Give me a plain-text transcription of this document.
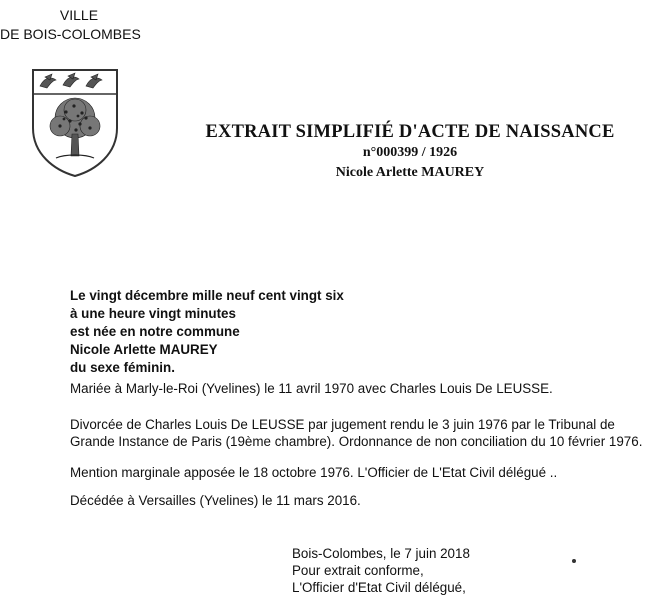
VILLE
DE BOIS-COLOMBES
EXTRAIT SIMPLIFIÉ D'ACTE DE NAISSANCE
n°000399 / 1926
Nicole Arlette MAUREY
Le vingt décembre mille neuf cent vingt six
à une heure vingt minutes
est née en notre commune
Nicole Arlette MAUREY
du sexe féminin.
Mariée à Marly-le-Roi (Yvelines) le 11 avril 1970 avec Charles Louis De LEUSSE.
Divorcée de Charles Louis De LEUSSE par jugement rendu le 3 juin 1976 par le Tribunal de Grande Instance de Paris (19ème chambre). Ordonnance de non conciliation du 10 février 1976.
Mention marginale apposée le 18 octobre 1976. L'Officier de L'Etat Civil délégué ..
Décédée à Versailles (Yvelines) le 11 mars 2016.
Bois-Colombes, le 7 juin 2018
Pour extrait conforme,
L'Officier d'Etat Civil délégué,
